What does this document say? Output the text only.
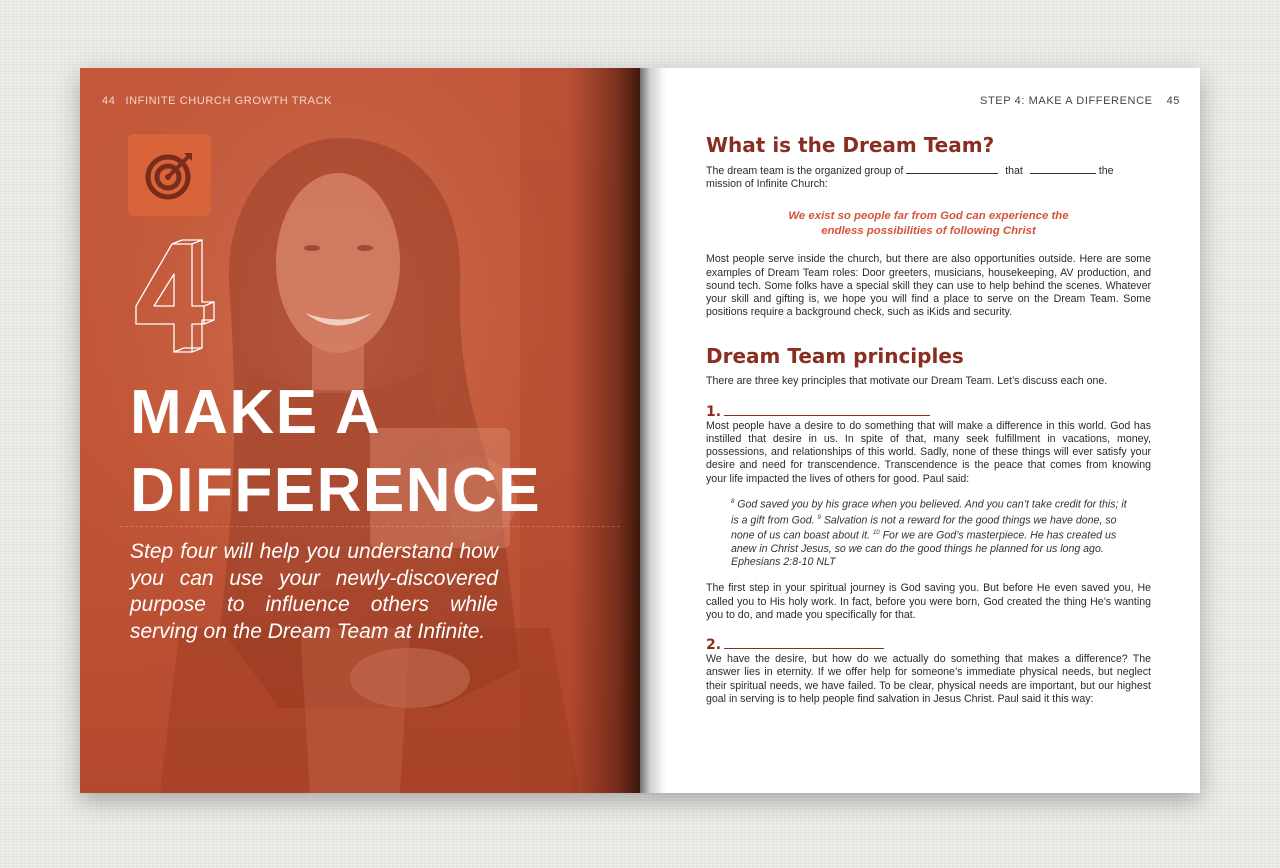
44 INFINITE CHURCH GROWTH TRACK
4
MAKE A
DIFFERENCE
Step four will help you understand how you can use your newly-discovered purpose to influence others while serving on the Dream Team at Infinite.
STEP 4: MAKE A DIFFERENCE 45
What is the Dream Team?

The dream team is the organized group of	that	the
mission of Infinite Church:

We exist so people far from God can experience the
endless possibilities of following Christ

Most people serve inside the church, but there are also opportunities outside. Here are some examples of Dream Team roles: Door greeters, musicians, housekeeping, AV production, and sound tech. Some folks have a special skill they can use to help behind the scenes. Whatever your skill and gifting is, we hope you will find a place to serve on the Dream Team. Some positions require a background check, such as iKids and security.

Dream Team principles

There are three key principles that motivate our Dream Team. Let’s discuss each one.

1.

Most people have a desire to do something that will make a difference in this world. God has instilled that desire in us. In spite of that, many seek fulfillment in vacations, money, possessions, and relationships of this world. Sadly, none of these things will ever satisfy your desire and need for transcendence. Transcendence is the peace that comes from knowing your life impacted the lives of others for good. Paul said:

$^8$ God saved you by his grace when you believed. And you can’t take credit for this; it is a gift from God. $^9$ Salvation is not a reward for the good things we have done, so none of us can boast about it. $^{10}$ For we are God’s masterpiece. He has created us anew in Christ Jesus, so we can do the good things he planned for us long ago.
Ephesians 2:8-10 NLT

The first step in your spiritual journey is God saving you. But before He even saved you, He called you to His holy work. In fact, before you were born, God created the thing He’s wanting you to do, and made you specifically for that.

2.

We have the desire, but how do we actually do something that makes a difference? The answer lies in eternity. If we offer help for someone’s immediate physical needs, but neglect their spiritual needs, we have failed. To be clear, physical needs are important, but our highest goal in serving is to help people find salvation in Jesus Christ. Paul said it this way:
